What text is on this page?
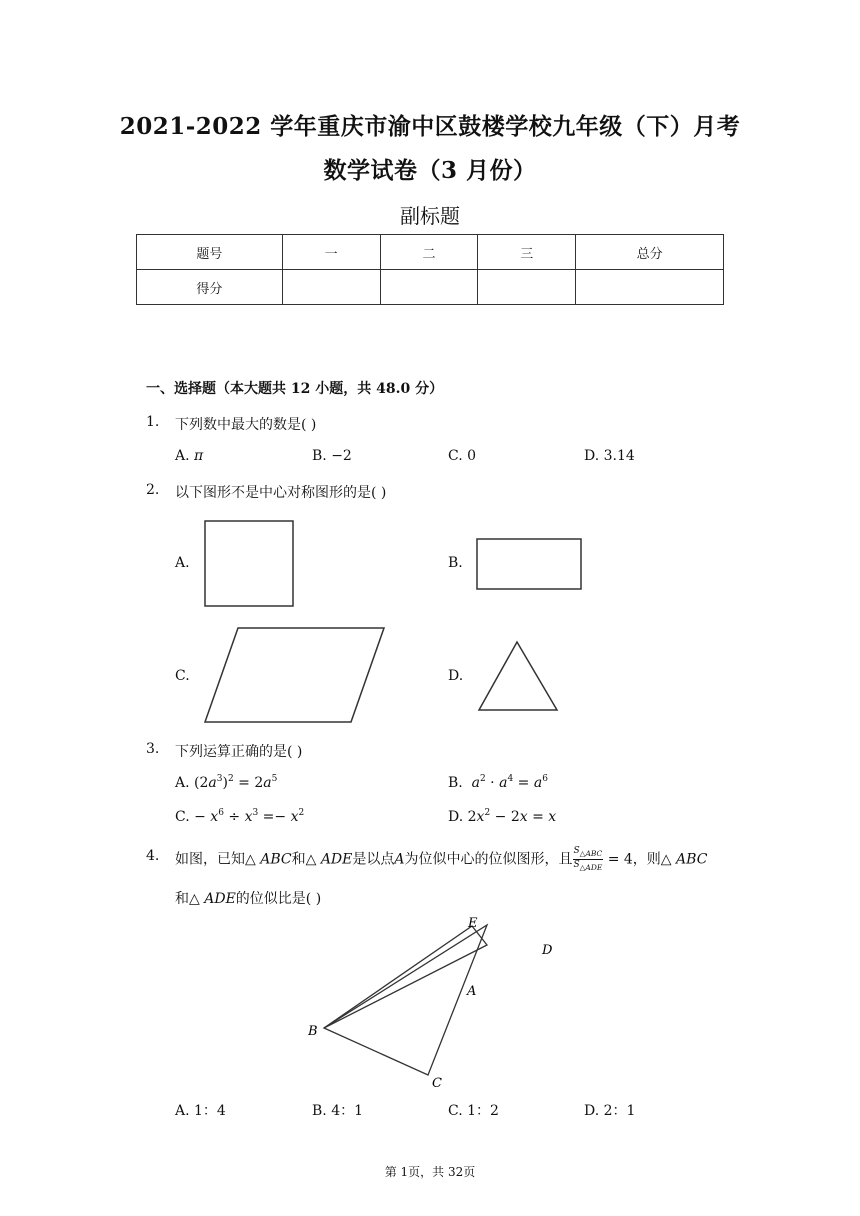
2021-2022 学年重庆市渝中区鼓楼学校九年级（下）月考
数学试卷（3 月份）
副标题
题号	一	二	三	总分
得分				
一、选择题（本大题共 12 小题，共 48.0 分）
1. 下列数中最大的数是( )
A. π	B. −2	C. 0	D. 3.14
2. 以下图形不是中心对称图形的是( )
A.	B.
C.	D.
3. 下列运算正确的是( )
A. $(2a^3)^2 = 2a^5$	B.  $a^2 \cdot a^4 = a^6$
C. − $x^6 \div x^3 =- x^2$	D. $2x^2 - 2x = x$
4. 如图，已知△ ABC和△ ADE是以点A为位似中心的位似图形，且 $\frac{S_{\triangle ABC}}{S_{\triangle ADE}} = 4$，则△ ABC
和△ ADE的位似比是( )
E
D
A
B
C
A. 1：4	B. 4：1	C. 1：2	D. 2：1
第 1页，共 32页
